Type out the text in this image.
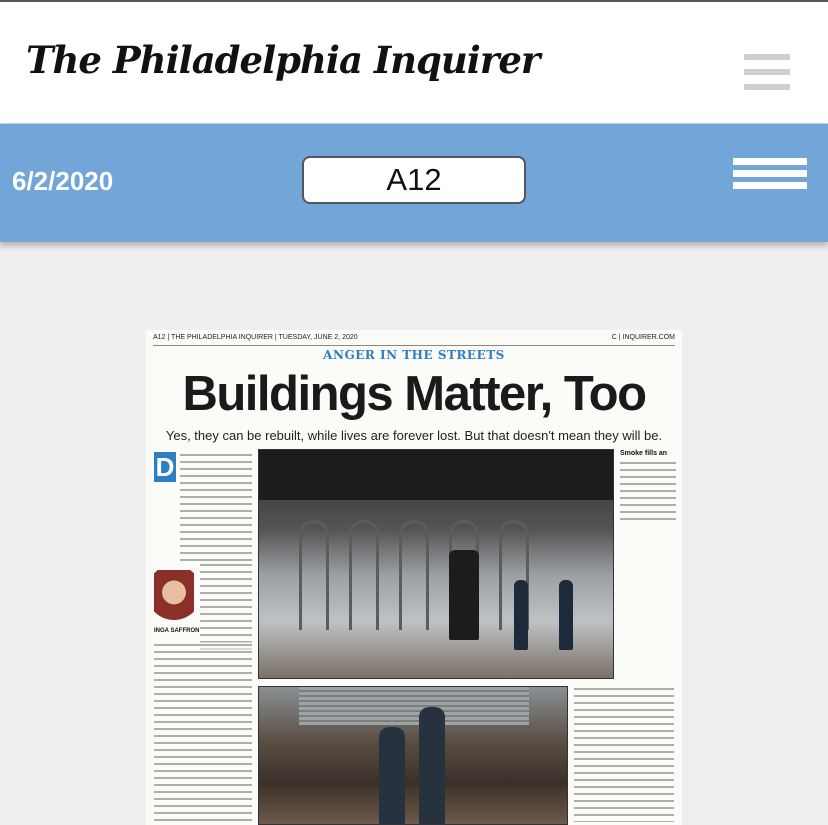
The Philadelphia Inquirer
6/2/2020	A12
A12 | THE PHILADELPHIA INQUIRER | TUESDAY, JUNE 2, 2020	C | INQUIRER.COM
ANGER IN THE STREETS
Buildings Matter, Too
Yes, they can be rebuilt, while lives are forever lost. But that doesn't mean they will be.
D
INGA SAFFRON
Smoke fills an
